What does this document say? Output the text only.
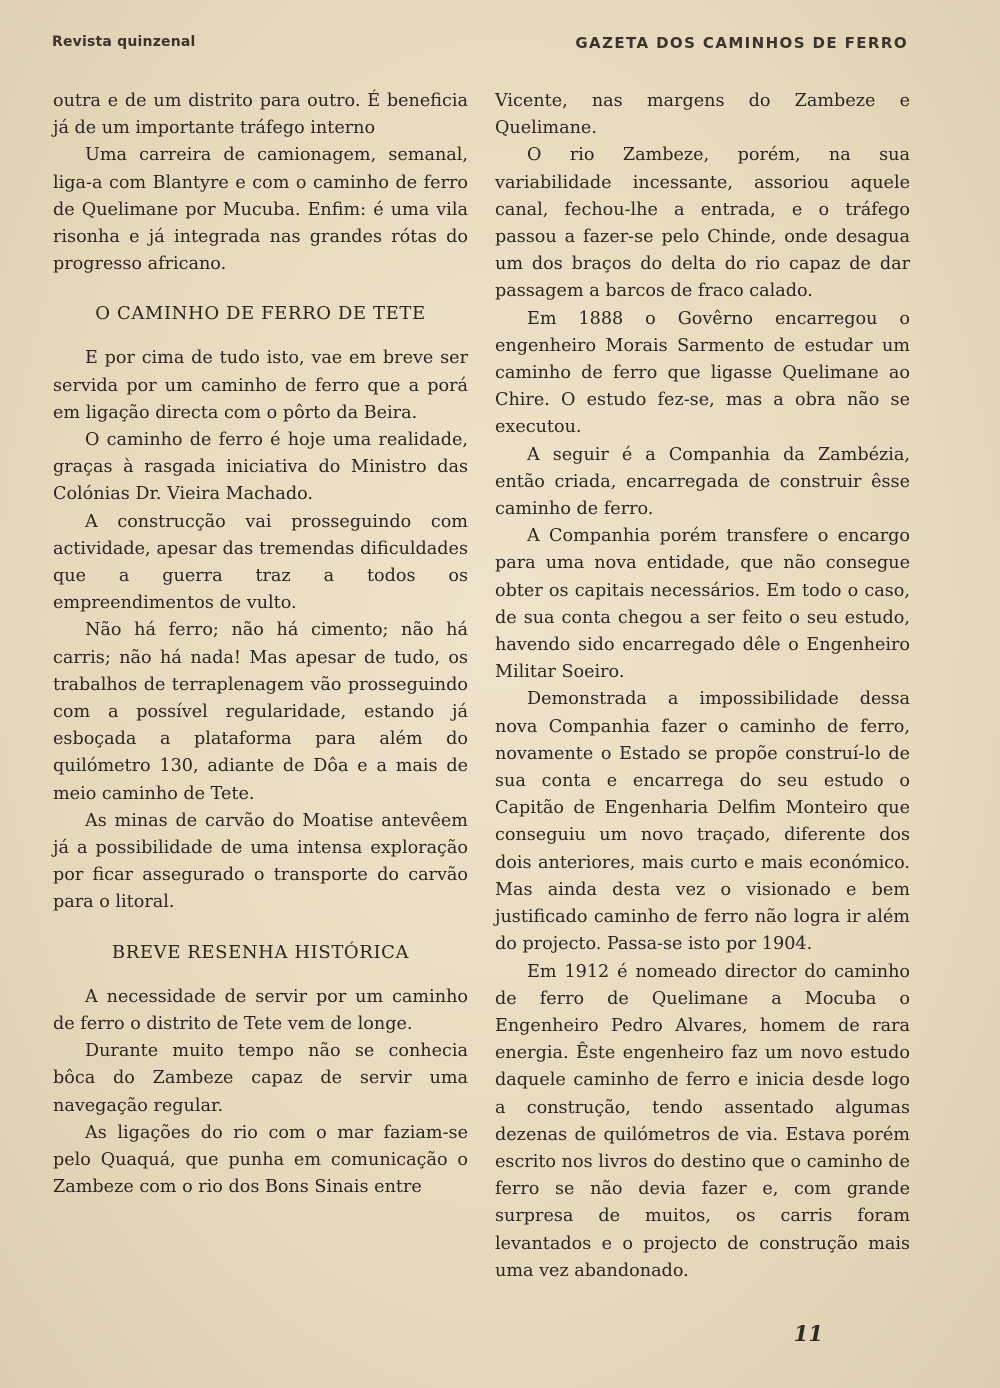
Revista quinzenal	GAZETA DOS CAMINHOS DE FERRO

outra e de um distrito para outro. É beneficia já de um importante tráfego interno

Uma carreira de camionagem, semanal, liga-a com Blantyre e com o caminho de ferro de Quelimane por Mucuba. Enfim: é uma vila risonha e já integrada nas grandes rótas do progresso africano.

O CAMINHO DE FERRO DE TETE

E por cima de tudo isto, vae em breve ser servida por um caminho de ferro que a porá em ligação directa com o pôrto da Beira.

O caminho de ferro é hoje uma realidade, graças à rasgada iniciativa do Ministro das Colónias Dr. Vieira Machado.

A construcção vai prosseguindo com actividade, apesar das tremendas dificuldades que a guerra traz a todos os empreendimentos de vulto.

Não há ferro; não há cimento; não há carris; não há nada! Mas apesar de tudo, os trabalhos de terraplenagem vão prosseguindo com a possível regularidade, estando já esboçada a plataforma para além do quilómetro 130, adiante de Dôa e a mais de meio caminho de Tete.

As minas de carvão do Moatise antevêem já a possibilidade de uma intensa exploração por ficar assegurado o transporte do carvão para o litoral.

BREVE RESENHA HISTÓRICA

A necessidade de servir por um caminho de ferro o distrito de Tete vem de longe.

Durante muito tempo não se conhecia bôca do Zambeze capaz de servir uma navegação regular.

As ligações do rio com o mar faziam-se pelo Quaquá, que punha em comunicação o Zambeze com o rio dos Bons Sinais entre

Vicente, nas margens do Zambeze e Quelimane.

O rio Zambeze, porém, na sua variabilidade incessante, assoriou aquele canal, fechou-lhe a entrada, e o tráfego passou a fazer-se pelo Chinde, onde desagua um dos braços do delta do rio capaz de dar passagem a barcos de fraco calado.

Em 1888 o Govêrno encarregou o engenheiro Morais Sarmento de estudar um caminho de ferro que ligasse Quelimane ao Chire. O estudo fez-se, mas a obra não se executou.

A seguir é a Companhia da Zambézia, então criada, encarregada de construir êsse caminho de ferro.

A Companhia porém transfere o encargo para uma nova entidade, que não consegue obter os capitais necessários. Em todo o caso, de sua conta chegou a ser feito o seu estudo, havendo sido encarregado dêle o Engenheiro Militar Soeiro.

Demonstrada a impossibilidade dessa nova Companhia fazer o caminho de ferro, novamente o Estado se propõe construí-lo de sua conta e encarrega do seu estudo o Capitão de Engenharia Delfim Monteiro que conseguiu um novo traçado, diferente dos dois anteriores, mais curto e mais económico. Mas ainda desta vez o visionado e bem justificado caminho de ferro não logra ir além do projecto. Passa-se isto por 1904.

Em 1912 é nomeado director do caminho de ferro de Quelimane a Mocuba o Engenheiro Pedro Alvares, homem de rara energia. Êste engenheiro faz um novo estudo daquele caminho de ferro e inicia desde logo a construção, tendo assentado algumas dezenas de quilómetros de via. Estava porém escrito nos livros do destino que o caminho de ferro se não devia fazer e, com grande surpresa de muitos, os carris foram levantados e o projecto de construção mais uma vez abandonado.

11
